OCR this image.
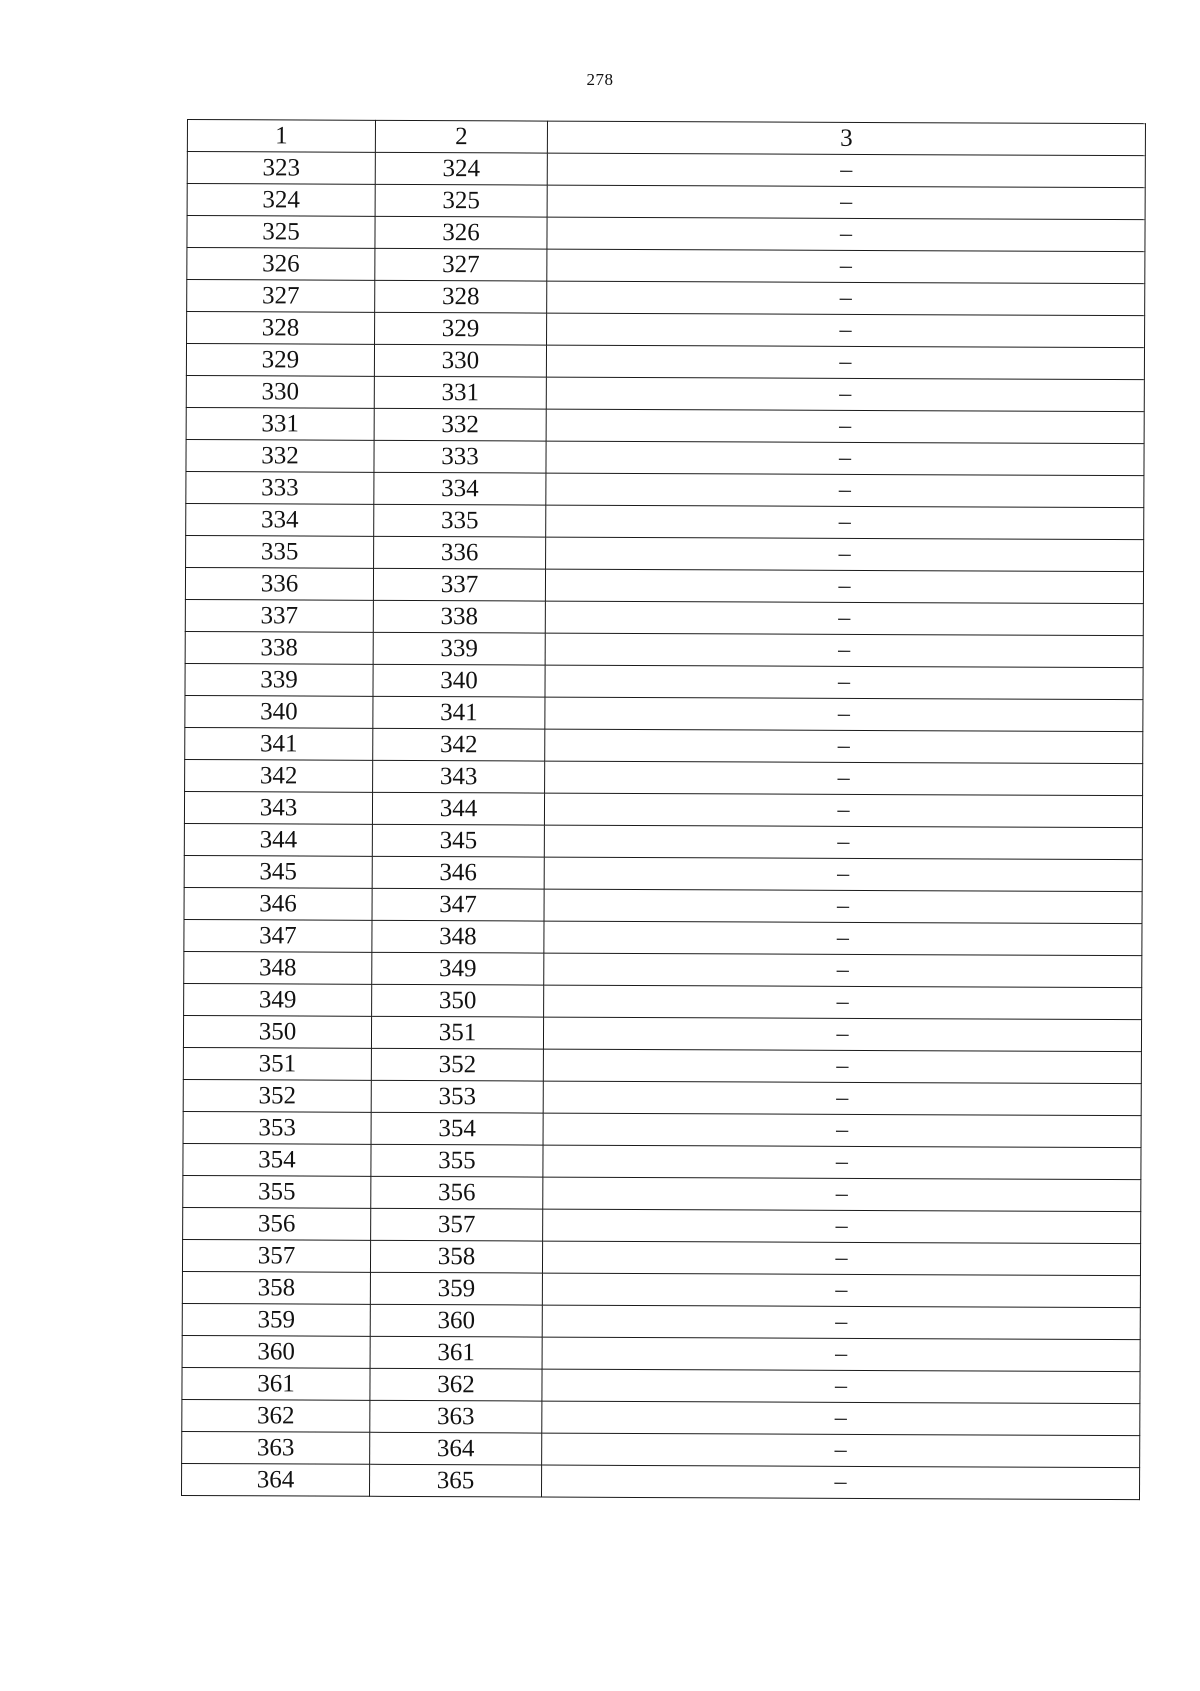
278
1	2	3
323	324	–
324	325	–
325	326	–
326	327	–
327	328	–
328	329	–
329	330	–
330	331	–
331	332	–
332	333	–
333	334	–
334	335	–
335	336	–
336	337	–
337	338	–
338	339	–
339	340	–
340	341	–
341	342	–
342	343	–
343	344	–
344	345	–
345	346	–
346	347	–
347	348	–
348	349	–
349	350	–
350	351	–
351	352	–
352	353	–
353	354	–
354	355	–
355	356	–
356	357	–
357	358	–
358	359	–
359	360	–
360	361	–
361	362	–
362	363	–
363	364	–
364	365	–
